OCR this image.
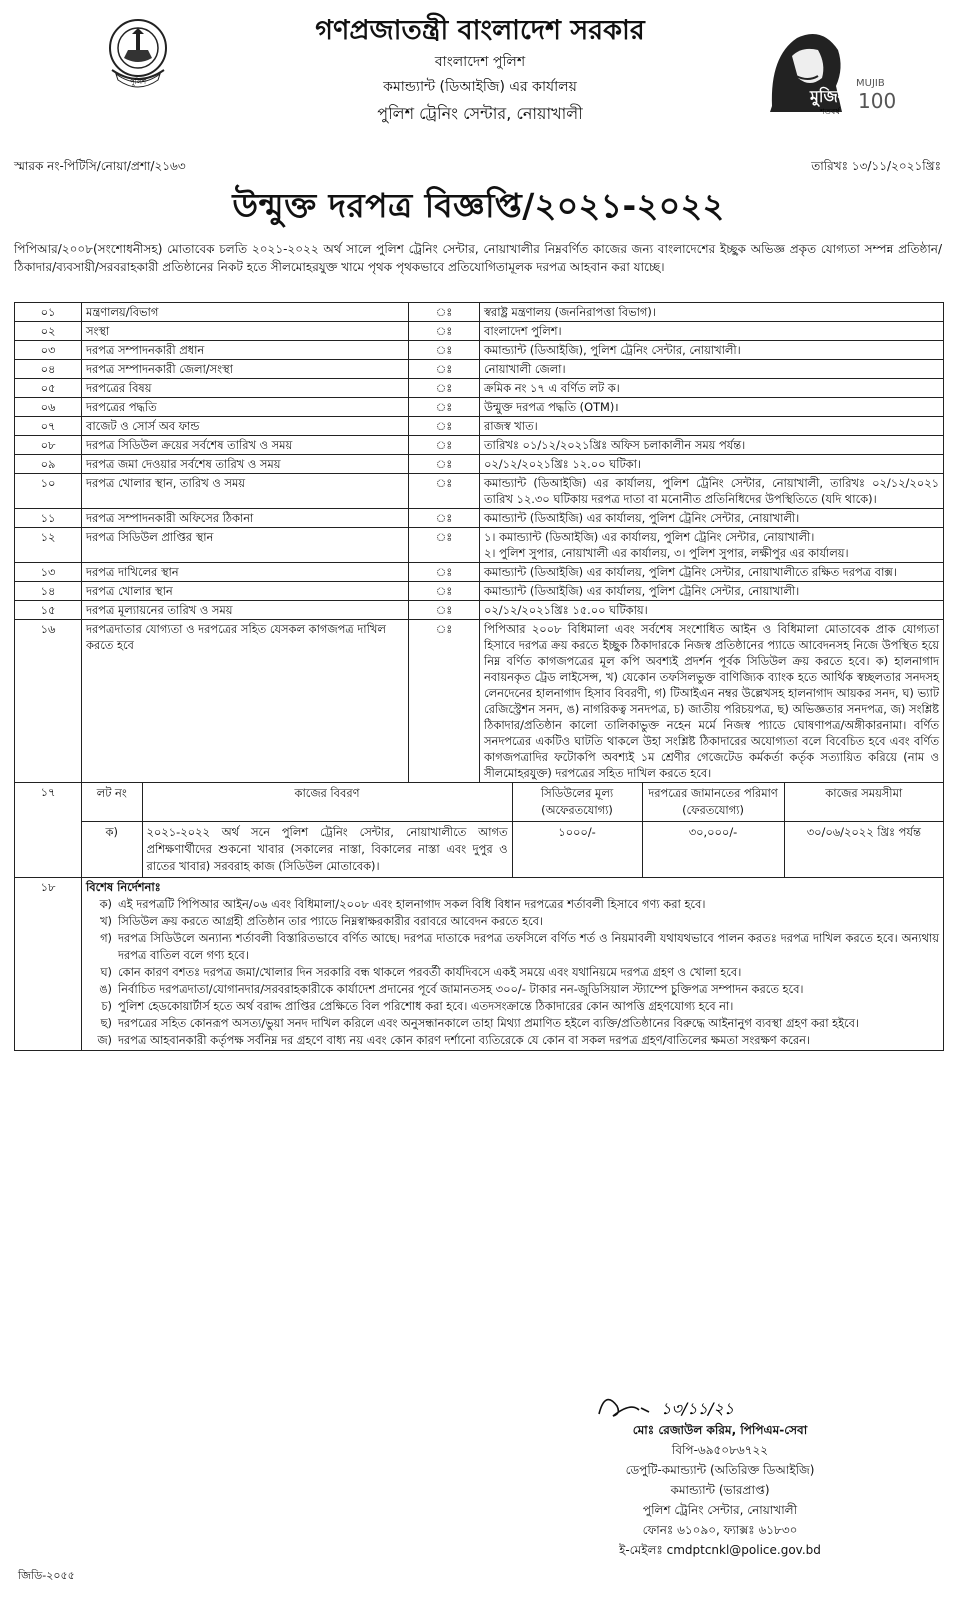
পুলিশ
গণপ্রজাতন্ত্রী বাংলাদেশ সরকার
বাংলাদেশ পুলিশ
কমান্ড্যান্ট (ডিআইজি) এর কার্যালয়
পুলিশ ট্রেনিং সেন্টার, নোয়াখালী
মুজিব
শতবর্ষ
MUJIB
100
স্মারক নং-পিটিসি/নোয়া/প্রশা/২১৬৩	তারিখঃ ১৩/১১/২০২১খ্রিঃ
উন্মুক্ত দরপত্র বিজ্ঞপ্তি/২০২১-২০২২
পিপিআর/২০০৮(সংশোধনীসহ) মোতাবেক চলতি ২০২১-২০২২ অর্থ সালে পুলিশ ট্রেনিং সেন্টার, নোয়াখালীর নিম্নবর্ণিত কাজের জন্য বাংলাদেশের ইচ্ছুক অভিজ্ঞ প্রকৃত যোগ্যতা সম্পন্ন প্রতিষ্ঠান/ঠিকাদার/ব্যবসায়ী/সরবরাহকারী প্রতিষ্ঠানের নিকট হতে সীলমোহরযুক্ত খামে পৃথক পৃথকভাবে প্রতিযোগিতামূলক দরপত্র আহবান করা যাচ্ছে।
০১	মন্ত্রণালয়/বিভাগ	ঃ	স্বরাষ্ট্র মন্ত্রণালয় (জননিরাপত্তা বিভাগ)।

০২	সংস্থা	ঃ	বাংলাদেশ পুলিশ।

০৩	দরপত্র সম্পাদনকারী প্রধান	ঃ	কমান্ড্যান্ট (ডিআইজি), পুলিশ ট্রেনিং সেন্টার, নোয়াখালী।

০৪	দরপত্র সম্পাদনকারী জেলা/সংস্থা	ঃ	নোয়াখালী জেলা।

০৫	দরপত্রের বিষয়	ঃ	ক্রমিক নং ১৭ এ বর্ণিত লট ক।

০৬	দরপত্রের পদ্ধতি	ঃ	উন্মুক্ত দরপত্র পদ্ধতি (OTM)।

০৭	বাজেট ও সোর্স অব ফান্ড	ঃ	রাজস্ব খাত।

০৮	দরপত্র সিডিউল ক্রয়ের সর্বশেষ তারিখ ও সময়	ঃ	তারিখঃ ০১/১২/২০২১খ্রিঃ অফিস চলাকালীন সময় পর্যন্ত।

০৯	দরপত্র জমা দেওয়ার সর্বশেষ তারিখ ও সময়	ঃ	০২/১২/২০২১খ্রিঃ ১২.০০ ঘটিকা।

১০	দরপত্র খোলার স্থান, তারিখ ও সময়	ঃ	কমান্ড্যান্ট (ডিআইজি) এর কার্যালয়, পুলিশ ট্রেনিং সেন্টার, নোয়াখালী, তারিখঃ ০২/১২/২০২১ তারিখ ১২.৩০ ঘটিকায় দরপত্র দাতা বা মনোনীত প্রতিনিধিদের উপস্থিতিতে (যদি থাকে)।

১১	দরপত্র সম্পাদনকারী অফিসের ঠিকানা	ঃ	কমান্ড্যান্ট (ডিআইজি) এর কার্যালয়, পুলিশ ট্রেনিং সেন্টার, নোয়াখালী।

১২	দরপত্র সিডিউল প্রাপ্তির স্থান	ঃ	১। কমান্ড্যান্ট (ডিআইজি) এর কার্যালয়, পুলিশ ট্রেনিং সেন্টার, নোয়াখালী।
২। পুলিশ সুপার, নোয়াখালী এর কার্যালয়, ৩। পুলিশ সুপার, লক্ষীপুর এর কার্যালয়।

১৩	দরপত্র দাখিলের স্থান	ঃ	কমান্ড্যান্ট (ডিআইজি) এর কার্যালয়, পুলিশ ট্রেনিং সেন্টার, নোয়াখালীতে রক্ষিত দরপত্র বাক্স।

১৪	দরপত্র খোলার স্থান	ঃ	কমান্ড্যান্ট (ডিআইজি) এর কার্যালয়, পুলিশ ট্রেনিং সেন্টার, নোয়াখালী।

১৫	দরপত্র মূল্যায়নের তারিখ ও সময়	ঃ	০২/১২/২০২১খ্রিঃ ১৫.০০ ঘটিকায়।

১৬	দরপত্রদাতার যোগ্যতা ও দরপত্রের সহিত যেসকল কাগজপত্র দাখিল করতে হবে	ঃ	পিপিআর ২০০৮ বিধিমালা এবং সর্বশেষ সংশোধিত আইন ও বিধিমালা মোতাবেক প্রাক যোগ্যতা হিসাবে দরপত্র ক্রয় করতে ইচ্ছুক ঠিকাদারকে নিজস্ব প্রতিষ্ঠানের প্যাডে আবেদনসহ নিজে উপস্থিত হয়ে নিম্ন বর্ণিত কাগজপত্রের মূল কপি অবশ্যই প্রদর্শন পূর্বক সিডিউল ক্রয় করতে হবে। ক) হালনাগাদ নবায়নকৃত ট্রেড লাইসেন্স, খ) যেকোন তফসিলভুক্ত বাণিজ্যিক ব্যাংক হতে আর্থিক স্বচ্ছলতার সনদসহ লেনদেনের হালনাগাদ হিসাব বিবরণী, গ) টিআইএন নম্বর উল্লেখসহ হালনাগাদ আয়কর সনদ, ঘ) ভ্যাট রেজিস্ট্রেশন সনদ, ঙ) নাগরিকত্ব সনদপত্র, চ) জাতীয় পরিচয়পত্র, ছ) অভিজ্ঞতার সনদপত্র, জ) সংশ্লিষ্ট ঠিকাদার/প্রতিষ্ঠান কালো তালিকাভুক্ত নহেন মর্মে নিজস্ব প্যাডে ঘোষণাপত্র/অঙ্গীকারনামা। বর্ণিত সনদপত্রের একটিও ঘাটতি থাকলে উহা সংশ্লিষ্ট ঠিকাদারের অযোগ্যতা বলে বিবেচিত হবে এবং বর্ণিত কাগজপত্রাদির ফটোকপি অবশ্যই ১ম শ্রেণীর গেজেটেড কর্মকর্তা কর্তৃক সত্যায়িত করিয়ে (নাম ও সীলমোহরযুক্ত) দরপত্রের সহিত দাখিল করতে হবে।

১৭		লট নং	কাজের বিবরণ	সিডিউলের মূল্য (অফেরতযোগ্য)	দরপত্রের জামানতের পরিমাণ (ফেরতযোগ্য)	কাজের সময়সীমা
ক)	২০২১-২০২২ অর্থ সনে পুলিশ ট্রেনিং সেন্টার, নোয়াখালীতে আগত প্রশিক্ষণার্থীদের শুকনো খাবার (সকালের নাস্তা, বিকালের নাস্তা এবং দুপুর ও রাতের খাবার) সরবরাহ কাজ (সিডিউল মোতাবেক)।	১০০০/-	৩০,০০০/-	৩০/০৬/২০২২ খ্রিঃ পর্যন্ত

১৮	বিশেষ নির্দেশনাঃ
ক) এই দরপত্রটি পিপিআর আইন/০৬ এবং বিধিমালা/২০০৮ এবং হালনাগাদ সকল বিধি বিধান দরপত্রের শর্তাবলী হিসাবে গণ্য করা হবে।
খ) সিডিউল ক্রয় করতে আগ্রহী প্রতিষ্ঠান তার প্যাডে নিম্নস্বাক্ষরকারীর বরাবরে আবেদন করতে হবে।
গ) দরপত্র সিডিউলে অন্যান্য শর্তাবলী বিস্তারিতভাবে বর্ণিত আছে। দরপত্র দাতাকে দরপত্র তফসিলে বর্ণিত শর্ত ও নিয়মাবলী যথাযথভাবে পালন করতঃ দরপত্র দাখিল করতে হবে। অন্যথায় দরপত্র বাতিল বলে গণ্য হবে।
ঘ) কোন কারণ বশতঃ দরপত্র জমা/খোলার দিন সরকারি বন্ধ থাকলে পরবর্তী কার্যদিবসে একই সময়ে এবং যথানিয়মে দরপত্র গ্রহণ ও খোলা হবে।
ঙ) নির্বাচিত দরপত্রদাতা/যোগানদার/সরবরাহকারীকে কার্যাদেশ প্রদানের পূর্বে জামানতসহ ৩০০/- টাকার নন-জুডিসিয়াল স্ট্যাম্পে চুক্তিপত্র সম্পাদন করতে হবে।
চ) পুলিশ হেডকোয়ার্টার্স হতে অর্থ বরাদ্দ প্রাপ্তির প্রেক্ষিতে বিল পরিশোধ করা হবে। এতদসংক্রান্তে ঠিকাদারের কোন আপত্তি গ্রহণযোগ্য হবে না।
ছ) দরপত্রের সহিত কোনরূপ অসত্য/ভুয়া সনদ দাখিল করিলে এবং অনুসন্ধানকালে তাহা মিথ্যা প্রমাণিত হইলে ব্যক্তি/প্রতিষ্ঠানের বিরুদ্ধে আইনানুগ ব্যবস্থা গ্রহণ করা হইবে।
জ) দরপত্র আহবানকারী কর্তৃপক্ষ সর্বনিম্ন দর গ্রহণে বাধ্য নয় এবং কোন কারণ দর্শানো ব্যতিরেকে যে কোন বা সকল দরপত্র গ্রহণ/বাতিলের ক্ষমতা সংরক্ষণ করেন।
১৩/১১/২১
মোঃ রেজাউল করিম, পিপিএম-সেবা
বিপি-৬৯৫০৮৬৭২২
ডেপুটি-কমান্ড্যান্ট (অতিরিক্ত ডিআইজি)
কমান্ড্যান্ট (ভারপ্রাপ্ত)
পুলিশ ট্রেনিং সেন্টার, নোয়াখালী
ফোনঃ ৬১০৯০, ফ্যাক্সঃ ৬১৮৩০
ই-মেইলঃ cmdptcnkl@police.gov.bd
জিডি-২০৫৫
